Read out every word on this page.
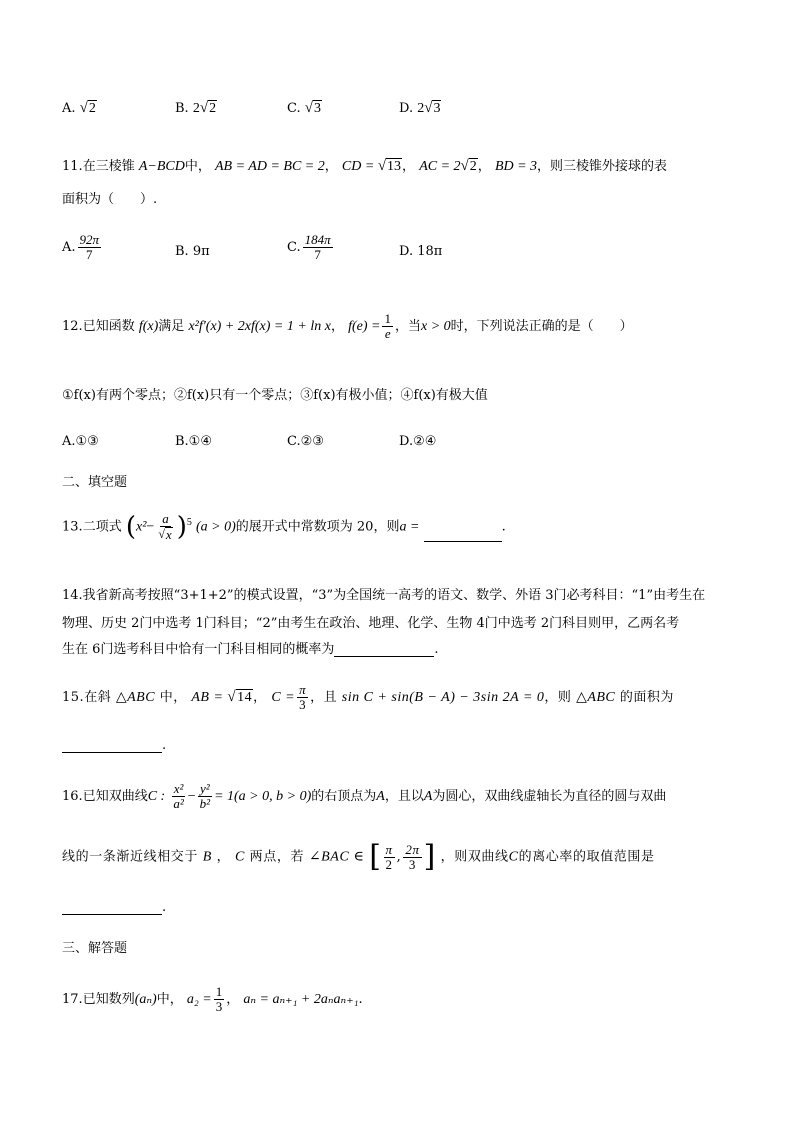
A. √ 2	B. 2 √ 2	C. √ 3	D. 2 √ 3
11.在三棱锥 A−BCD中， AB = AD = BC = 2， CD = √ 13 ， AC = 2 √ 2 ， BD = 3，则三棱锥外接球的表
面积为（　　）.
A. $\frac{92\pi}{7}$	B. 9π	C. $\frac{184\pi}{7}$	D. 18π
12.已知函数 f(x)满足 x²f′(x) + 2xf(x) = 1 + ln x， $f(e) = \frac{1}{e}$ ，当x > 0时，下列说法正确的是（　　）
①f(x)有两个零点；②f(x)只有一个零点；③f(x)有极小值；④f(x)有极大值
A.①③	B.①④	C.②③	D.②④
二、填空题
13.二项式 $(x^2- \frac{a}{√ x} )^5$ (a > 0)的展开式中常数项为 20，则a =	.
14.我省新高考按照“3+1+2”的模式设置，“3”为全国统一高考的语文、数学、外语 3门必考科目：“1”由考生在
物理、历史 2门中选考 1门科目；“2”由考生在政治、地理、化学、生物 4门中选考 2门科目则甲，乙两名考
生在 6门选考科目中恰有一门科目相同的概率为	.
15.在斜 △ABC 中， AB = √ 14 ， $C = \frac{\pi}{3}$ ，且 sin C + sin(B − A) − 3sin 2A = 0，则 △ABC 的面积为
.
16.已知双曲线C : $\frac{\text{x²}}{\text{a²}} - \frac{\text{y²}}{\text{b²}} = 1(a > 0$, b > 0)的右顶点为A，且以A为圆心，双曲线虚轴长为直径的圆与双曲
线的一条渐近线相交于 B ， C 两点，若 ∠BAC ∈ [ $\frac{\pi}{2}$ , $\frac{2\pi}{3}$ ] ，则双曲线C的离心率的取值范围是
.
三、解答题
17.已知数列(aₙ)中， $a_2 = \frac{1}{3}$ ， aₙ = aₙ₊₁ + 2aₙaₙ₊₁.
